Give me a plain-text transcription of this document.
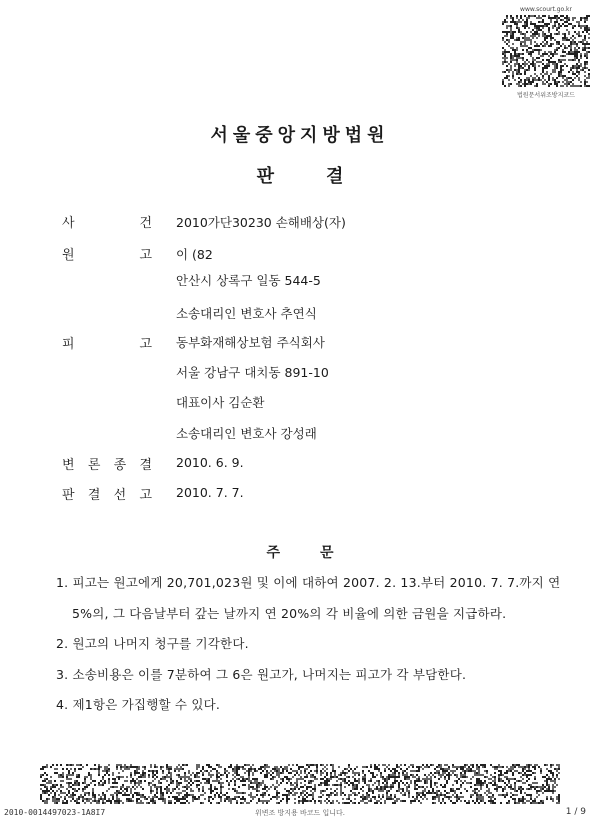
www.scourt.go.kr
법원문서위조방지코드
서울중앙지방법원
판	결
사	건 2010가단30230 손해배상(자)
원	고 이 (82
안산시 상록구 일동 544-5
소송대리인 변호사 추연식
피	고 동부화재해상보험 주식회사
서울 강남구 대치동 891-10
대표이사 김순환
소송대리인 변호사 강성래
변 론 종 결 2010. 6. 9.
판 결 선 고 2010. 7. 7.
주	문
1. 피고는 원고에게 20,701,023원 및 이에 대하여 2007. 2. 13.부터 2010. 7. 7.까지 연
5%의, 그 다음날부터 갚는 날까지 연 20%의 각 비율에 의한 금원을 지급하라.
2. 원고의 나머지 청구를 기각한다.
3. 소송비용은 이를 7분하여 그 6은 원고가, 나머지는 피고가 각 부담한다.
4. 제1항은 가집행할 수 있다.
2010-0014497023-1A8I7	위변조 방지용 바코드 입니다.	1 / 9
